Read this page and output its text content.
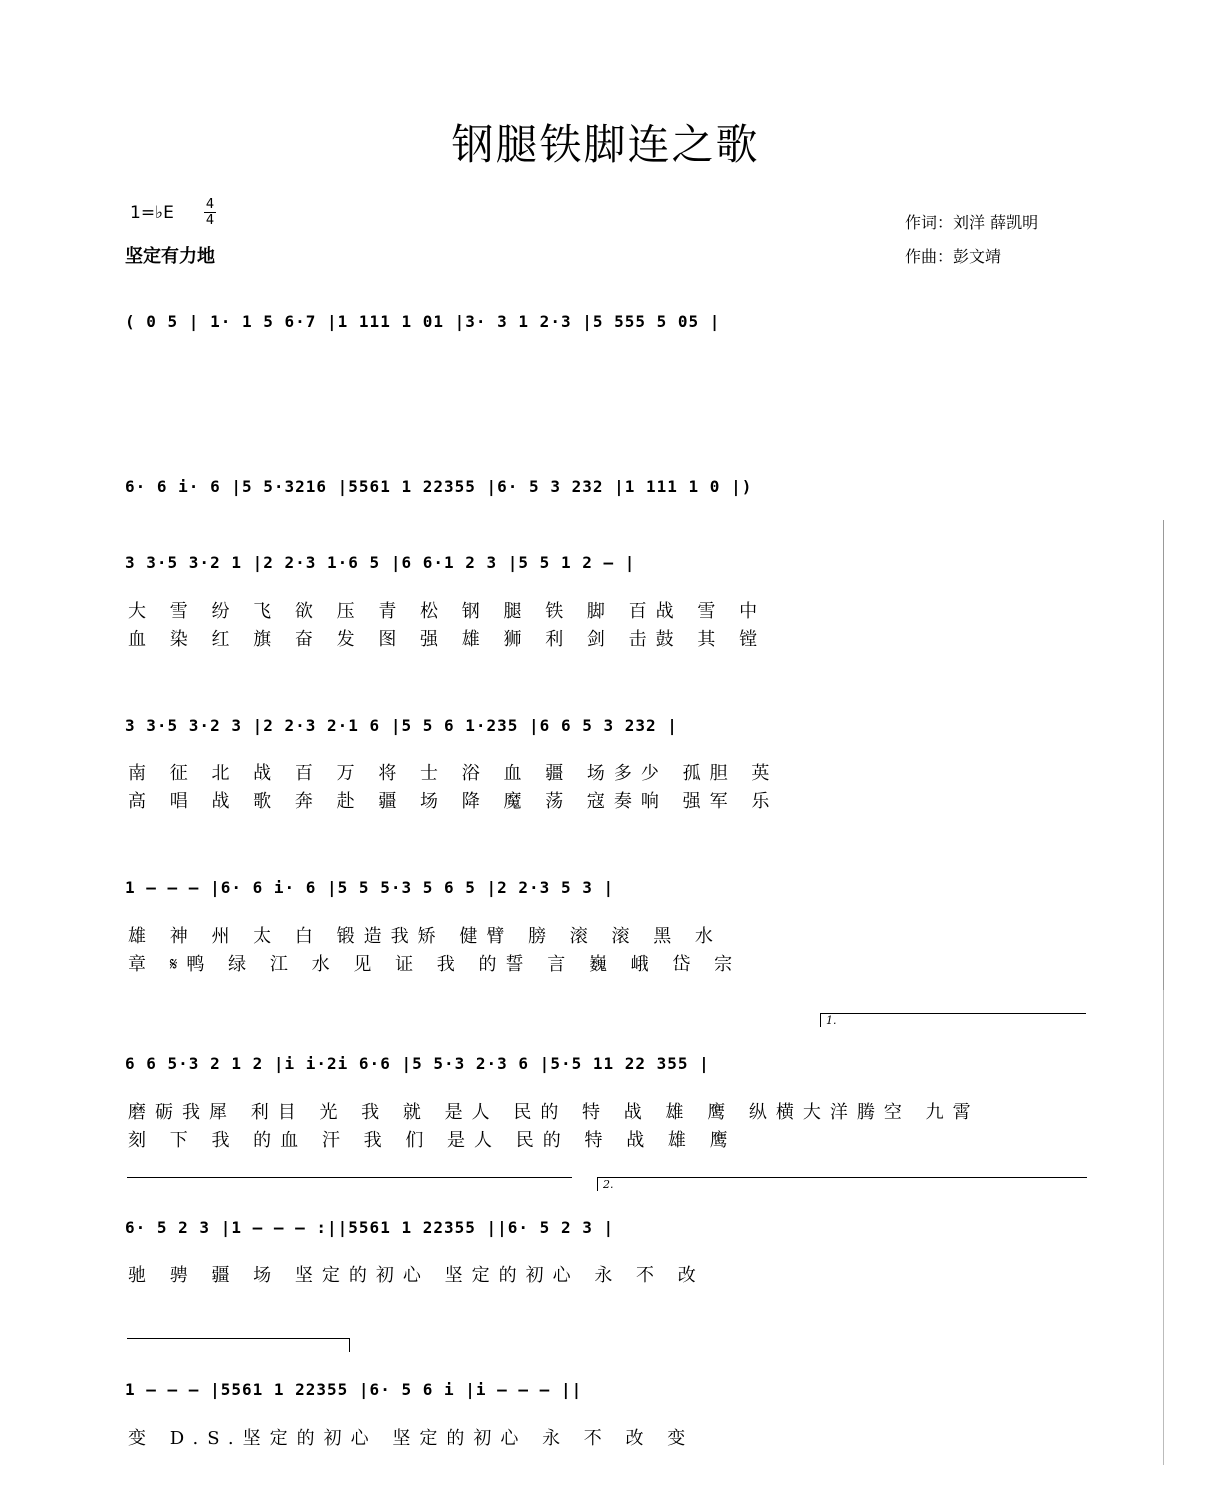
钢腿铁脚连之歌
1=♭E 4
4
坚定有力地
作词：刘洋 薛凯明
作曲：彭文靖
( 0 5 | 1· 1 5 6·7 |1 111 1 01 |3· 3 1 2·3 |5 555 5 05 |
6· 6 i· 6 |5 5·3216 |5561 1 22355 |6· 5 3 232 |1 111 1 0 |)
3 3·5 3·2 1 |2 2·3 1·6 5 |6 6·1 2 3 |5 5 1 2 – |
大 雪 纷 飞 欲 压 青 松 钢 腿 铁 脚 百战 雪 中
血 染 红 旗 奋 发 图 强 雄 狮 利 剑 击鼓 其 镗
3 3·5 3·2 3 |2 2·3 2·1 6 |5 5 6 1·235 |6 6 5 3 232 |
南 征 北 战 百 万 将 士 浴 血 疆 场多少 孤胆 英
高 唱 战 歌 奔 赴 疆 场 降 魔 荡 寇奏响 强军 乐
1 – – – |6· 6 i· 6 |5 5 5·3 5 6 5 |2 2·3 5 3 |
雄 神 州 太 白 锻造我矫 健臂 膀 滚 滚 黑 水
章 𝄋鸭 绿 江 水 见 证 我 的誓 言 巍 峨 岱 宗
1.
6 6 5·3 2 1 2 |i i·2i 6·6 |5 5·3 2·3 6 |5·5 11 22 355 |
磨砺我犀 利目 光 我 就 是人 民的 特 战 雄 鹰 纵横大洋腾空 九霄
刻 下 我 的血 汗 我 们 是人 民的 特 战 雄 鹰
2.
6· 5 2 3 |1 – – – :||5561 1 22355 ||6· 5 2 3 |
驰 骋 疆 场 坚定的初心 坚定的初心 永 不 改
1 – – – |5561 1 22355 |6· 5 6 i |i – – – ||
变 D.S.坚定的初心 坚定的初心 永 不 改 变
